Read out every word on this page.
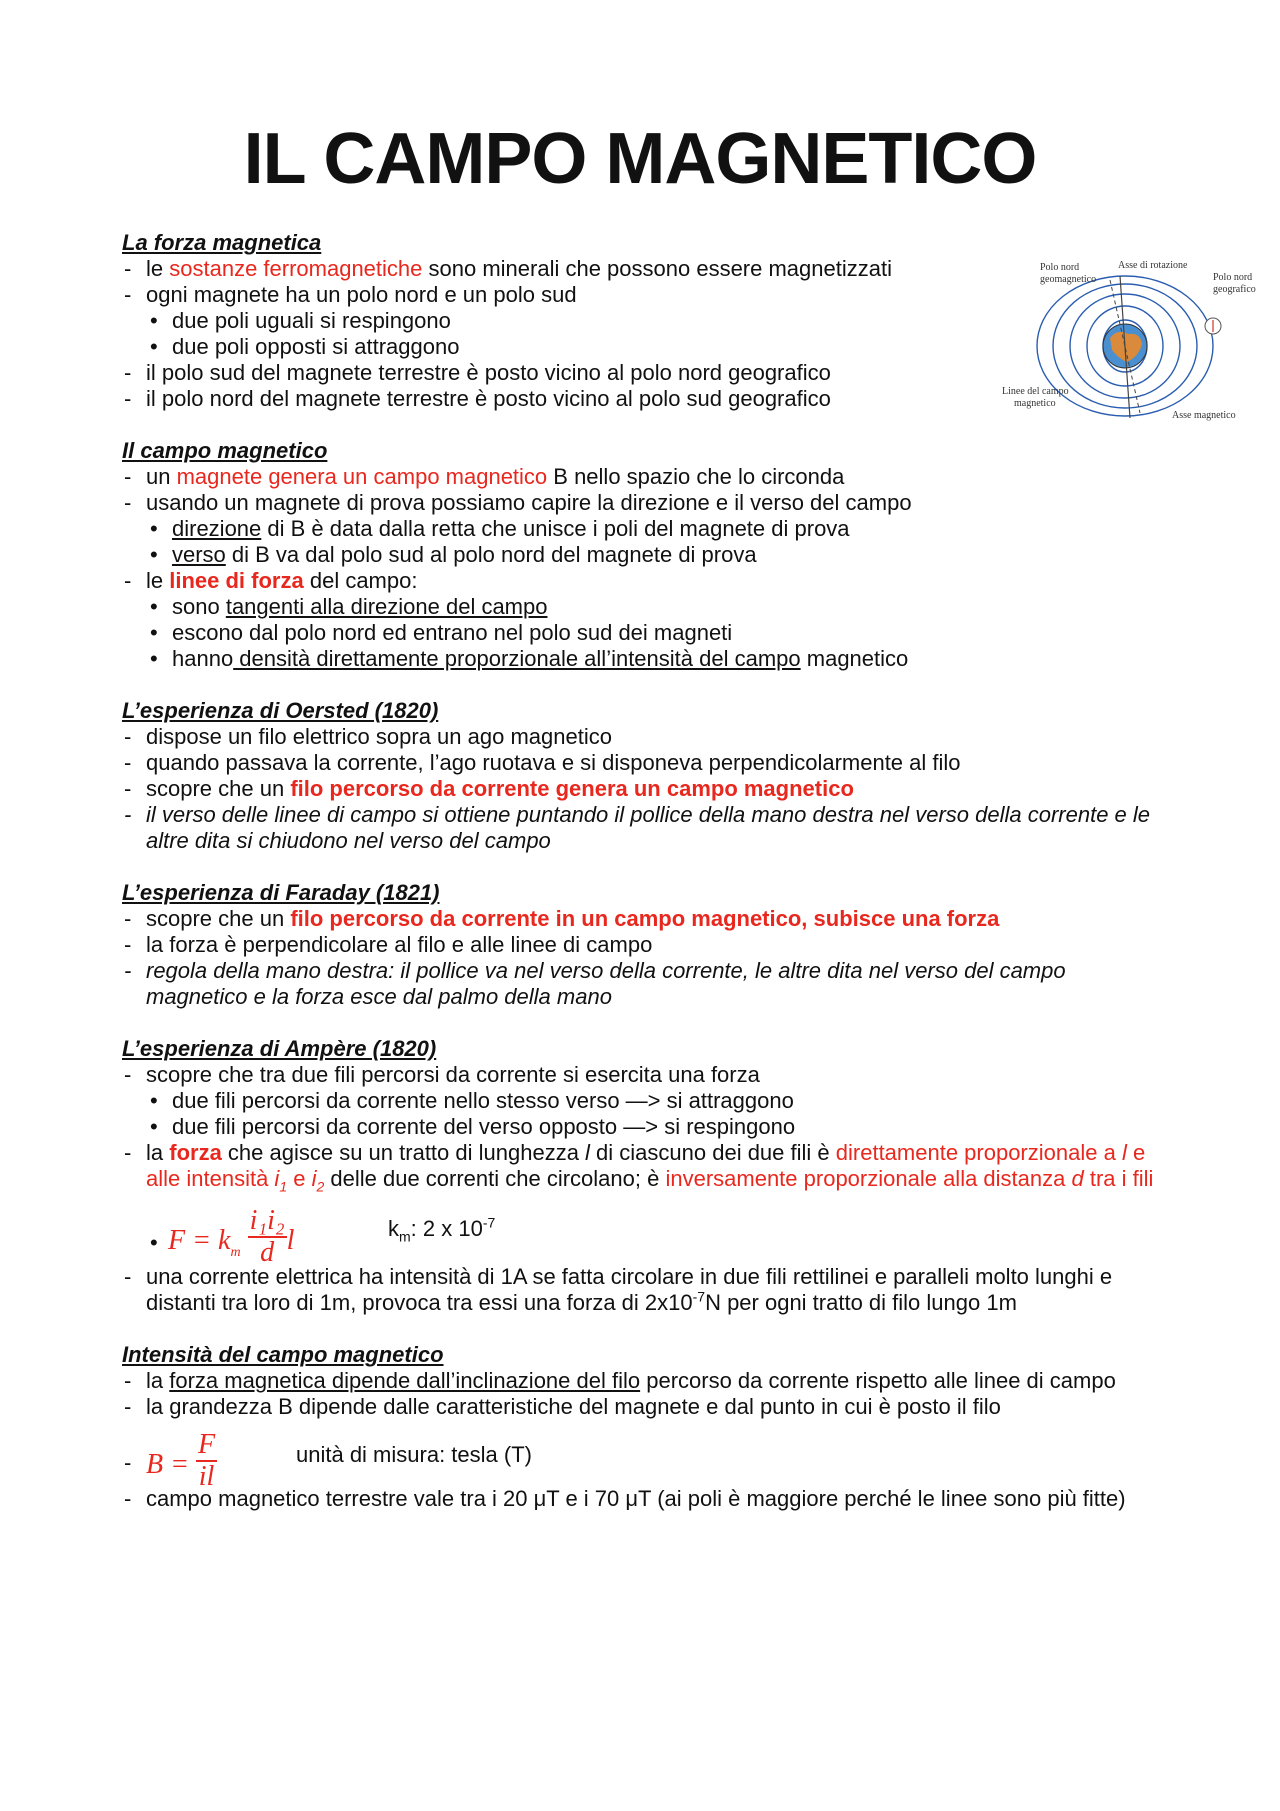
IL CAMPO MAGNETICO
Polo nord
geomagnetico
Asse di rotazione
Polo nord
geografico
Linee del campo
magnetico
Asse magnetico
La forza magnetica
- le sostanze ferromagnetiche sono minerali che possono essere magnetizzati
- ogni magnete ha un polo nord e un polo sud
• due poli uguali si respingono
• due poli opposti si attraggono
- il polo sud del magnete terrestre è posto vicino al polo nord geografico
- il polo nord del magnete terrestre è posto vicino al polo sud geografico
Il campo magnetico
- un magnete genera un campo magnetico B nello spazio che lo circonda
- usando un magnete di prova possiamo capire la direzione e il verso del campo
• direzione di B è data dalla retta che unisce i poli del magnete di prova
• verso di B va dal polo sud al polo nord del magnete di prova
- le linee di forza del campo:
• sono tangenti alla direzione del campo
• escono dal polo nord ed entrano nel polo sud dei magneti
• hanno densità direttamente proporzionale all’intensità del campo magnetico
L’esperienza di Oersted (1820)
- dispose un filo elettrico sopra un ago magnetico
- quando passava la corrente, l’ago ruotava e si disponeva perpendicolarmente al filo
- scopre che un filo percorso da corrente genera un campo magnetico
- il verso delle linee di campo si ottiene puntando il pollice della mano destra nel verso della corrente e le altre dita si chiudono nel verso del campo
L’esperienza di Faraday (1821)
- scopre che un filo percorso da corrente in un campo magnetico, subisce una forza
- la forza è perpendicolare al filo e alle linee di campo
- regola della mano destra: il pollice va nel verso della corrente, le altre dita nel verso del campo magnetico e la forza esce dal palmo della mano
L’esperienza di Ampère (1820)
- scopre che tra due fili percorsi da corrente si esercita una forza
• due fili percorsi da corrente nello stesso verso —> si attraggono
• due fili percorsi da corrente del verso opposto —> si respingono
- la forza che agisce su un tratto di lunghezza l di ciascuno dei due fili è direttamente proporzionale a l e alle intensità $i_1$ e $i_2$ delle due correnti che circolano; è inversamente proporzionale alla distanza d tra i fili
• $F = k_m \frac{\text{i₁i₂}}{d}$ l	$k_m$: 2 x $10^{-7}$
- una corrente elettrica ha intensità di 1A se fatta circolare in due fili rettilinei e paralleli molto lunghi e distanti tra loro di 1m, provoca tra essi una forza di $2x10^{-7}N$ per ogni tratto di filo lungo 1m
Intensità del campo magnetico
- la forza magnetica dipende dall’inclinazione del filo percorso da corrente rispetto alle linee di campo
- la grandezza B dipende dalle caratteristiche del magnete e dal punto in cui è posto il filo
- $B = \frac{F}{il}$	unità di misura: tesla (T)
- campo magnetico terrestre vale tra i 20 μT e i 70 μT (ai poli è maggiore perché le linee sono più fitte)
